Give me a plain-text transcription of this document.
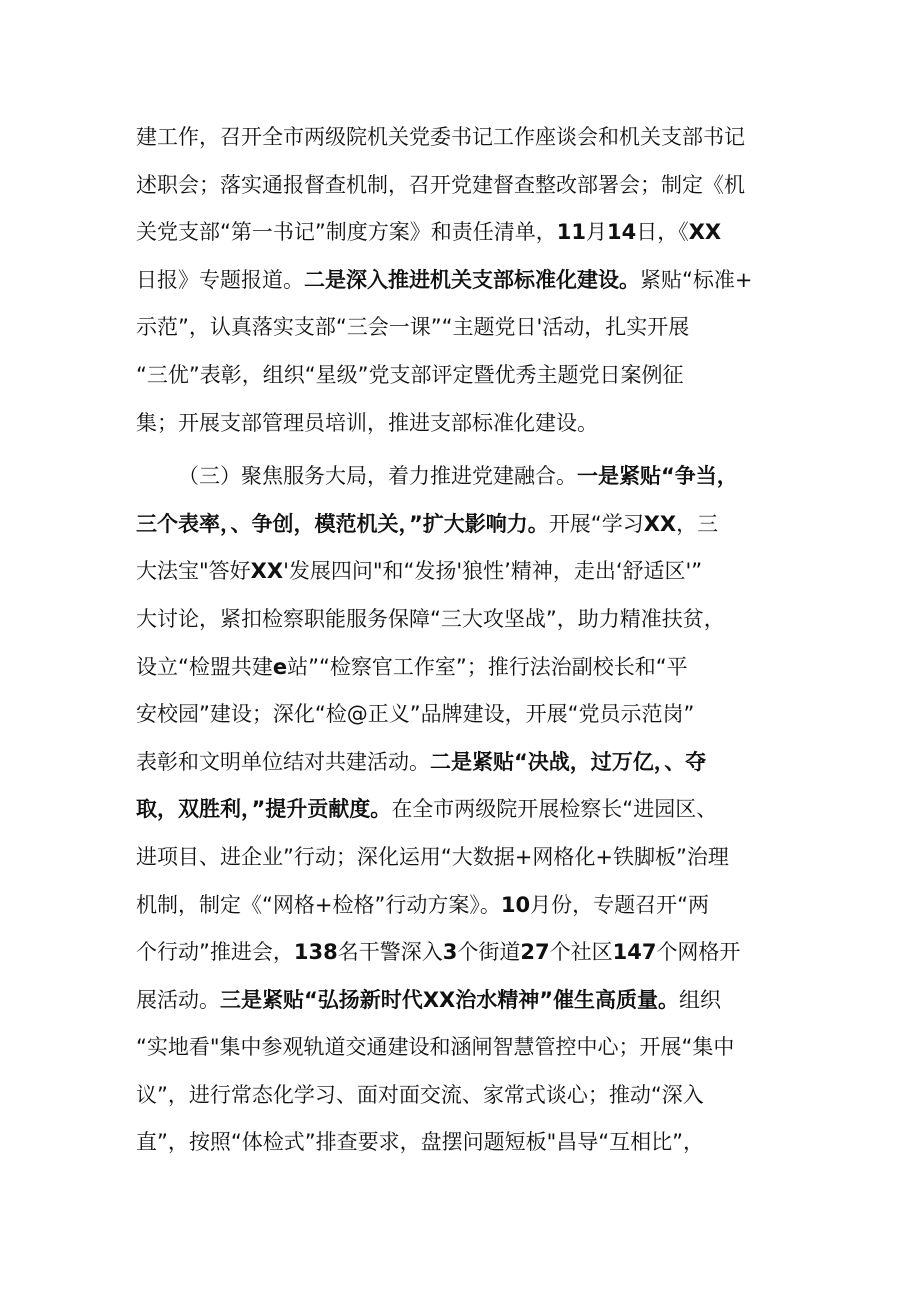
建工作，召开全市两级院机关党委书记工作座谈会和机关支部书记
述职会；落实通报督查机制，召开党建督查整改部署会；制定《机
关党支部“第一书记”制度方案》和责任清单，11月14日，《XX
日报》专题报道。二是深入推进机关支部标准化建设。紧贴“标准+
示范”，认真落实支部“三会一课”“主题党日'活动，扎实开展
“三优”表彰，组织“星级”党支部评定暨优秀主题党日案例征
集；开展支部管理员培训，推进支部标准化建设。
（三）聚焦服务大局，着力推进党建融合。一是紧贴“争当，
三个表率，、争创，模范机关，”扩大影响力。开展“学习XX，三
大法宝"答好XX'发展四问"和“发扬'狼性’精神，走出‘舒适区'”
大讨论，紧扣检察职能服务保障“三大攻坚战”，助力精准扶贫，
设立“检盟共建e站”“检察官工作室”；推行法治副校长和“平
安校园”建设；深化“检@正义”品牌建设，开展“党员示范岗”
表彰和文明单位结对共建活动。二是紧贴“决战，过万亿，、夺
取，双胜利，”提升贡献度。在全市两级院开展检察长“进园区、
进项目、进企业”行动；深化运用“大数据+网格化+铁脚板”治理
机制，制定《“网格+检格”行动方案》。10月份，专题召开“两
个行动”推进会，138名干警深入3个街道27个社区147个网格开
展活动。三是紧贴“弘扬新时代XX治水精神”催生高质量。组织
“实地看"集中参观轨道交通建设和涵闸智慧管控中心；开展“集中
议”，进行常态化学习、面对面交流、家常式谈心；推动“深入
直”，按照“体检式”排查要求，盘摆问题短板"昌导“互相比”，
